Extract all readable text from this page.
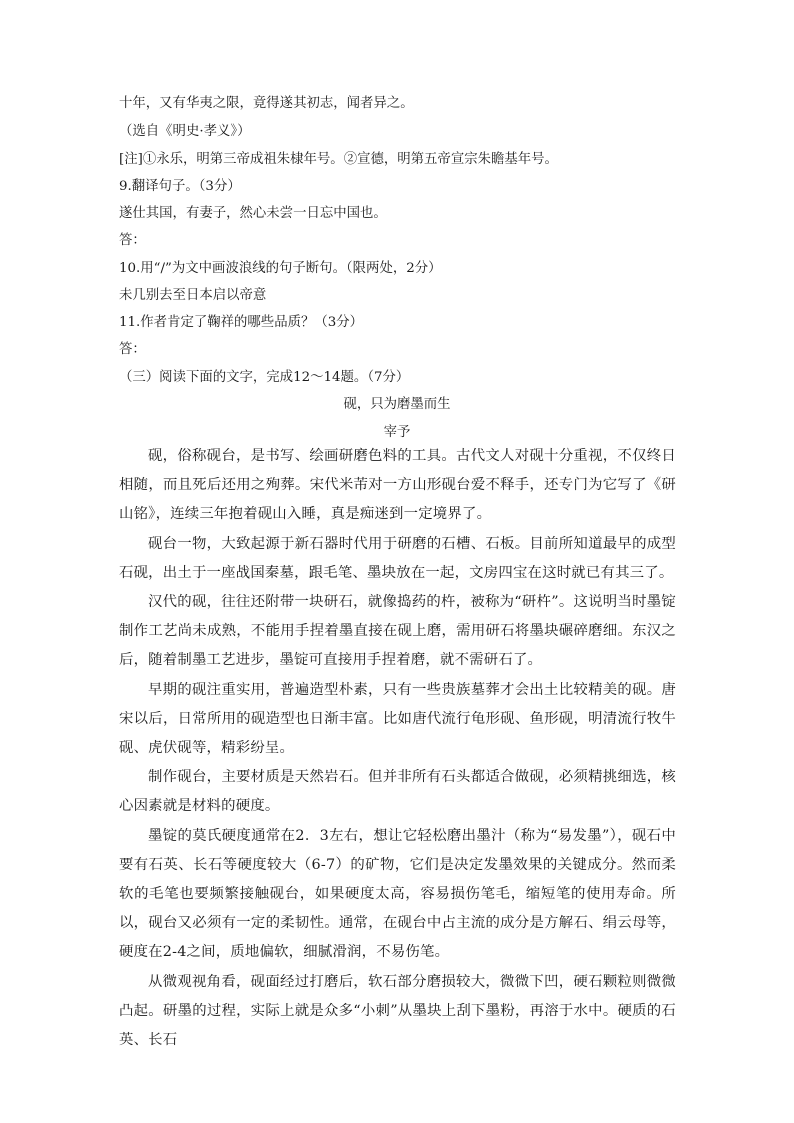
十年，又有华夷之限，竟得遂其初志，闻者异之。
（选自《明史·孝义》）
[注]①永乐，明第三帝成祖朱棣年号。②宣德，明第五帝宣宗朱瞻基年号。
9.翻译句子。（3分）
遂仕其国，有妻子，然心未尝一日忘中国也。
答：
10.用“/”为文中画波浪线的句子断句。（限两处，2分）
未几别去至日本启以帝意
11.作者肯定了鞠祥的哪些品质？（3分）
答：
（三）阅读下面的文字，完成12～14题。（7分）
砚，只为磨墨而生
宰予

砚，俗称砚台，是书写、绘画研磨色料的工具。古代文人对砚十分重视，不仅终日相随，而且死后还用之殉葬。宋代米芾对一方山形砚台爱不释手，还专门为它写了《研山铭》，连续三年抱着砚山入睡，真是痴迷到一定境界了。

砚台一物，大致起源于新石器时代用于研磨的石槽、石板。目前所知道最早的成型石砚，出土于一座战国秦墓，跟毛笔、墨块放在一起，文房四宝在这时就已有其三了。

汉代的砚，往往还附带一块研石，就像捣药的杵，被称为“研杵”。这说明当时墨锭制作工艺尚未成熟，不能用手捏着墨直接在砚上磨，需用研石将墨块碾碎磨细。东汉之后，随着制墨工艺进步，墨锭可直接用手捏着磨，就不需研石了。

早期的砚注重实用，普遍造型朴素，只有一些贵族墓葬才会出土比较精美的砚。唐宋以后，日常所用的砚造型也日渐丰富。比如唐代流行龟形砚、鱼形砚，明清流行牧牛砚、虎伏砚等，精彩纷呈。

制作砚台，主要材质是天然岩石。但并非所有石头都适合做砚，必须精挑细选，核心因素就是材料的硬度。

墨锭的莫氏硬度通常在2．3左右，想让它轻松磨出墨汁（称为“易发墨”），砚石中要有石英、长石等硬度较大（6-7）的矿物，它们是决定发墨效果的关键成分。然而柔软的毛笔也要频繁接触砚台，如果硬度太高，容易损伤笔毛，缩短笔的使用寿命。所以，砚台又必须有一定的柔韧性。通常，在砚台中占主流的成分是方解石、绢云母等，硬度在2-4之间，质地偏软，细腻滑润，不易伤笔。

从微观视角看，砚面经过打磨后，软石部分磨损较大，微微下凹，硬石颗粒则微微凸起。研墨的过程，实际上就是众多“小刺”从墨块上刮下墨粉，再溶于水中。硬质的石英、长石
